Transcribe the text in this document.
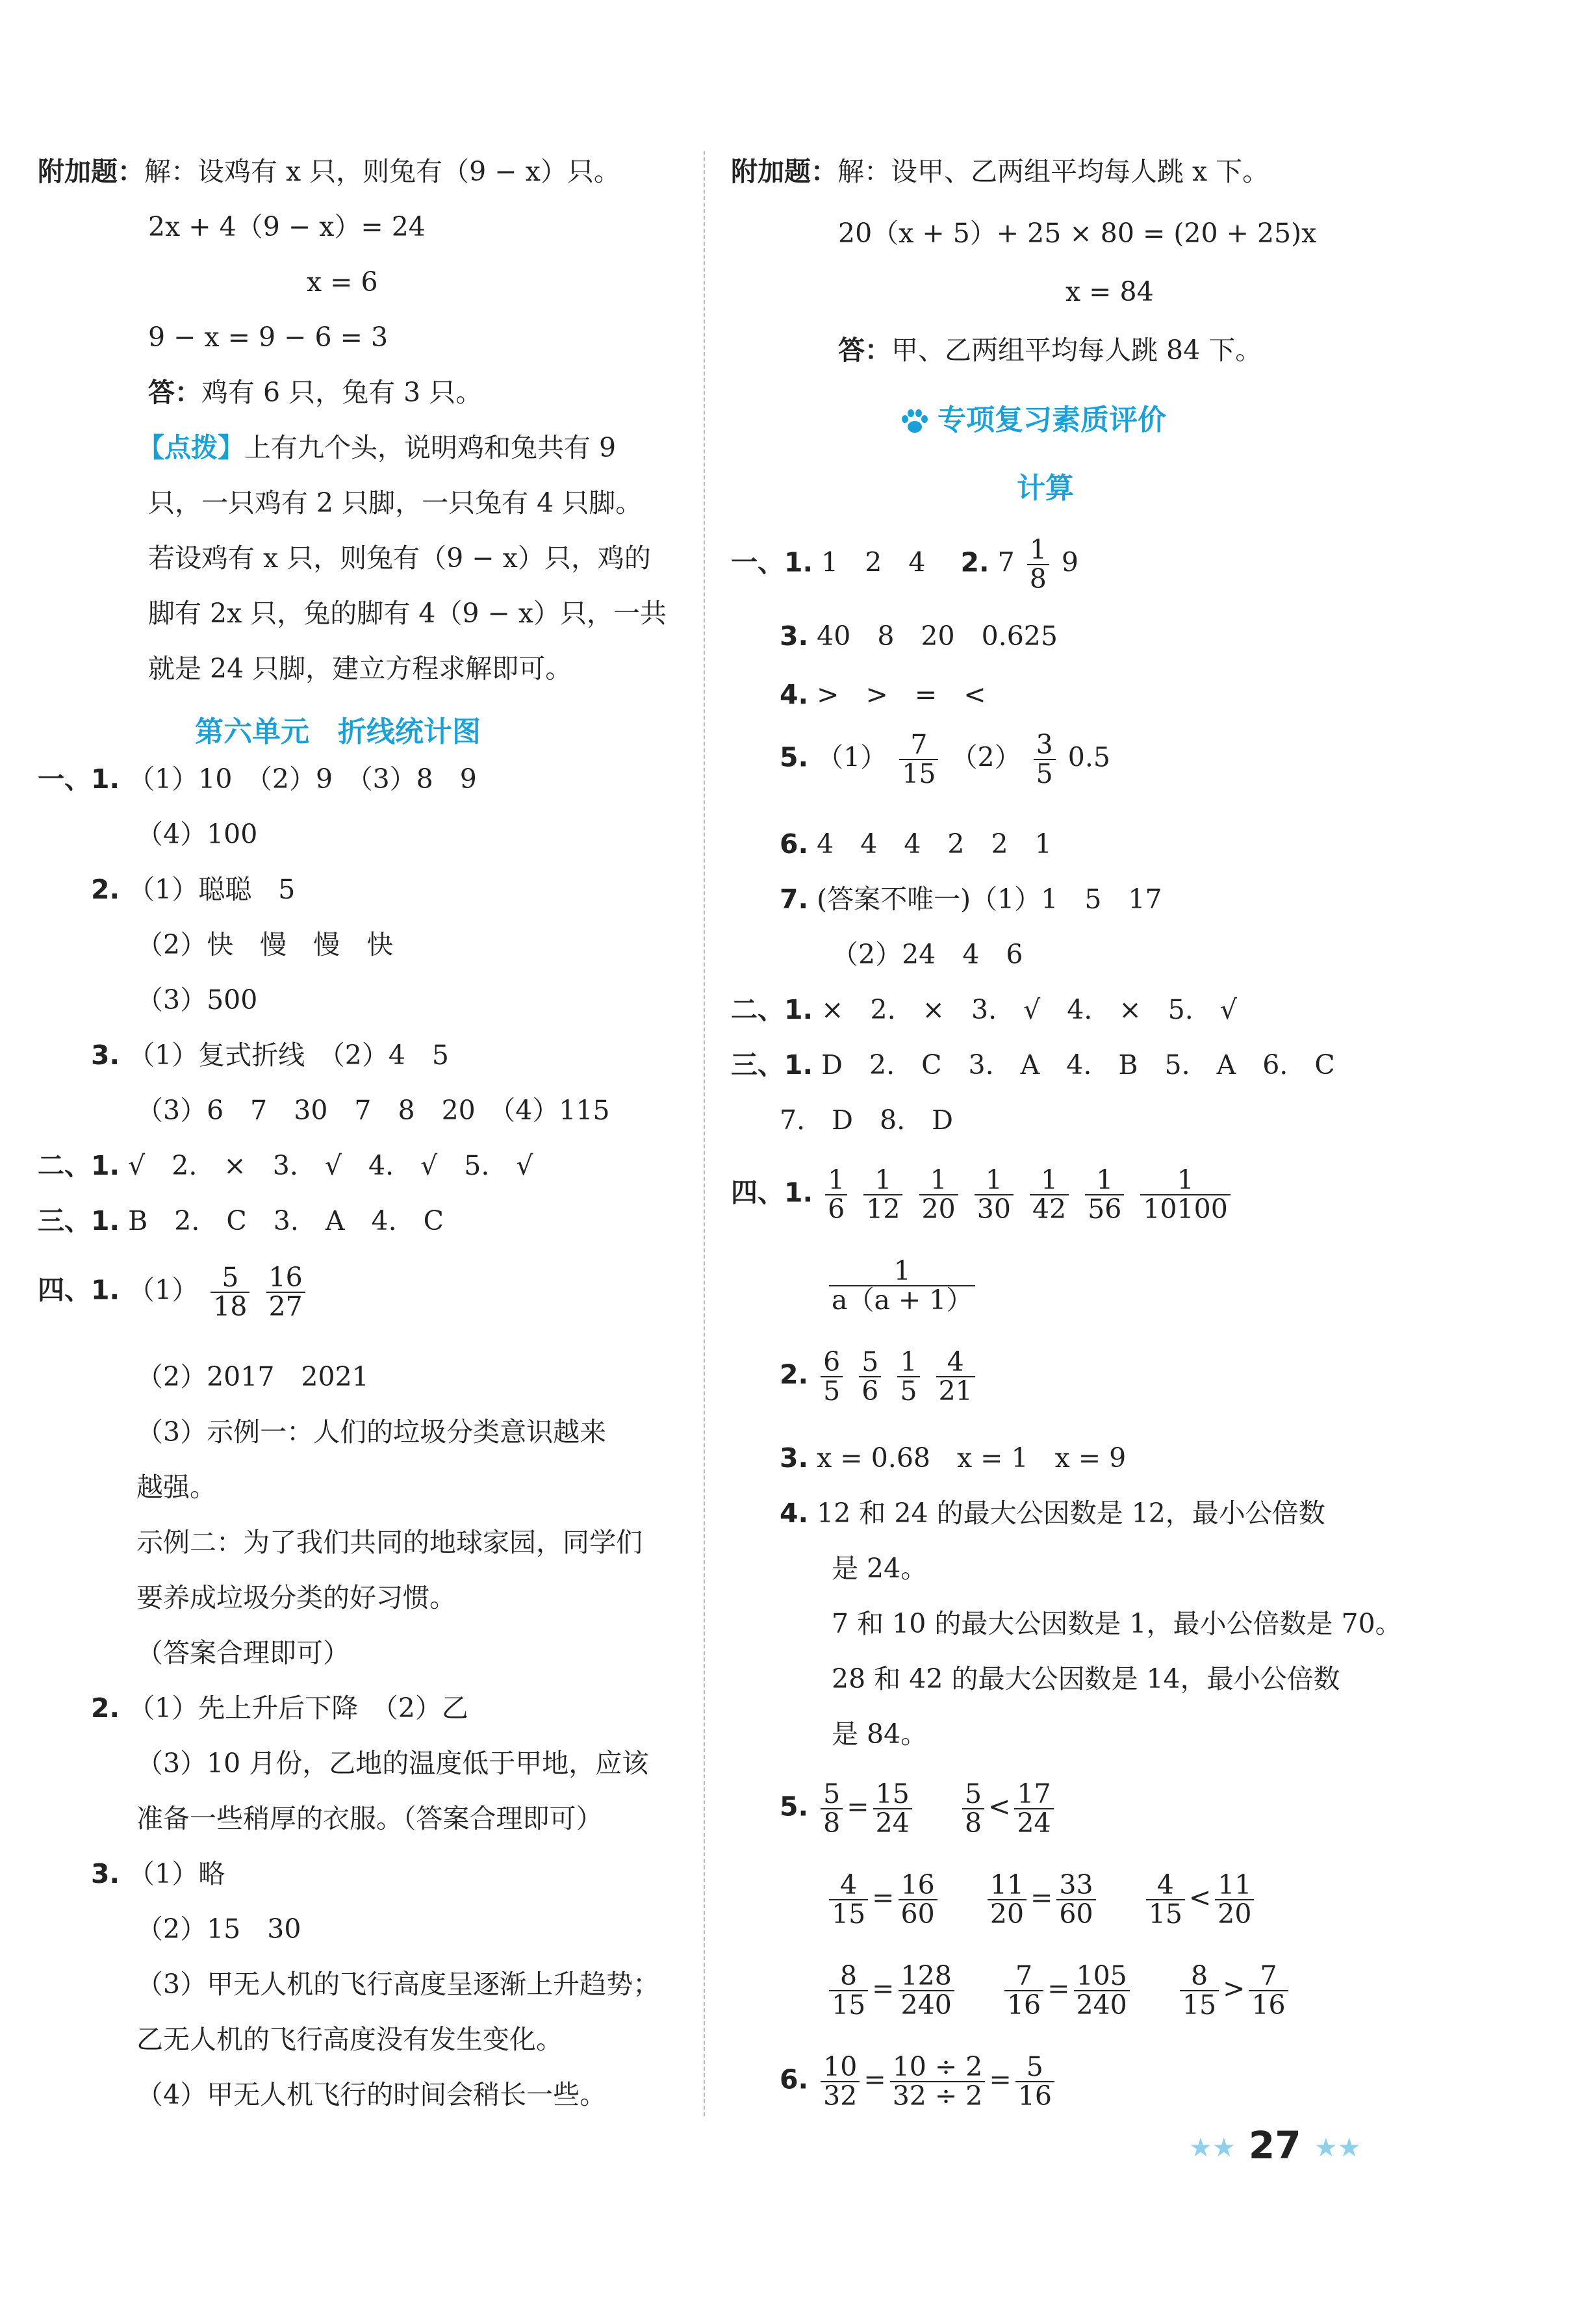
附加题：解：设鸡有 x 只，则兔有（9 − x）只。
2x + 4（9 − x）= 24
x = 6
9 − x = 9 − 6 = 3
答：鸡有 6 只，兔有 3 只。
【点拨】上有九个头，说明鸡和兔共有 9
只，一只鸡有 2 只脚，一只兔有 4 只脚。
若设鸡有 x 只，则兔有（9 − x）只，鸡的
脚有 2x 只，兔的脚有 4（9 − x）只，一共
就是 24 只脚，建立方程求解即可。
第六单元　折线统计图
一、1. （1）10　（2）9　（3）8　9
（4）100
2. （1）聪聪　5
（2）快　慢　慢　快
（3）500
3. （1）复式折线　（2）4　5
（3）6　7　30　7　8　20　（4）115
二、1. √　2.　×　3.　√　4.　√　5.　√
三、1. B　2.　C　3.　A　4.　C
四、1. $(1) \frac{5}{18}$
$\frac{16}{27}$
（2）2017　2021
（3）示例一：人们的垃圾分类意识越来
越强。
示例二：为了我们共同的地球家园，同学们
要养成垃圾分类的好习惯。
（答案合理即可）
2. （1）先上升后下降　（2）乙
（3）10 月份，乙地的温度低于甲地，应该
准备一些稍厚的衣服。（答案合理即可）
3. （1）略
（2）15　30
（3）甲无人机的飞行高度呈逐渐上升趋势；
乙无人机的飞行高度没有发生变化。
（4）甲无人机飞行的时间会稍长一些。
附加题：解：设甲、乙两组平均每人跳 x 下。
20（x + 5）+ 25 × 80 = (20 + 25)x
x = 84
答：甲、乙两组平均每人跳 84 下。
专项复习素质评价
计算
一、1. 1　2　4　 2. $7 \frac{1}{8} 9$
3. 40　8　20　0.625
4. >　>　=　<
5. $(1) \frac{7}{15} (2) \frac{3}{5} 0.5$
6. 4　4　4　2　2　1
7. (答案不唯一)（1）1　5　17
（2）24　4　6
二、1. ×　2.　×　3.　√　4.　×　5.　√
三、1. D　2.　C　3.　A　4.　B　5.　A　6.　C
7.　D　8.　D
四、1. $\frac{1}{6}$
$\frac{1}{12}$
$\frac{1}{20}$
$\frac{1}{30}$
$\frac{1}{42}$
$\frac{1}{56}$
$\frac{1}{10100}$
$\frac{1}{a(a + 1)}$
2. $\frac{6}{5}$
$\frac{5}{6}$
$\frac{1}{5}$
$\frac{4}{21}$
3. x = 0.68　x = 1　x = 9
4. 12 和 24 的最大公因数是 12，最小公倍数
是 24。
7 和 10 的最大公因数是 1，最小公倍数是 70。
28 和 42 的最大公因数是 14，最小公倍数
是 84。
5. $\frac{5}{8} = \frac{15}{24}$
$\frac{5}{8} < \frac{17}{24}$
$\frac{4}{15} = \frac{16}{60}$
$\frac{11}{20} = \frac{33}{60}$
$\frac{4}{15} < \frac{11}{20}$
$\frac{8}{15} = \frac{128}{240}$
$\frac{7}{16} = \frac{105}{240}$
$\frac{8}{15} > \frac{7}{16}$
6. $\frac{10}{32} = \frac{10 \div 2}{32 \div 2} = \frac{5}{16}$
★★ 27 ★★
